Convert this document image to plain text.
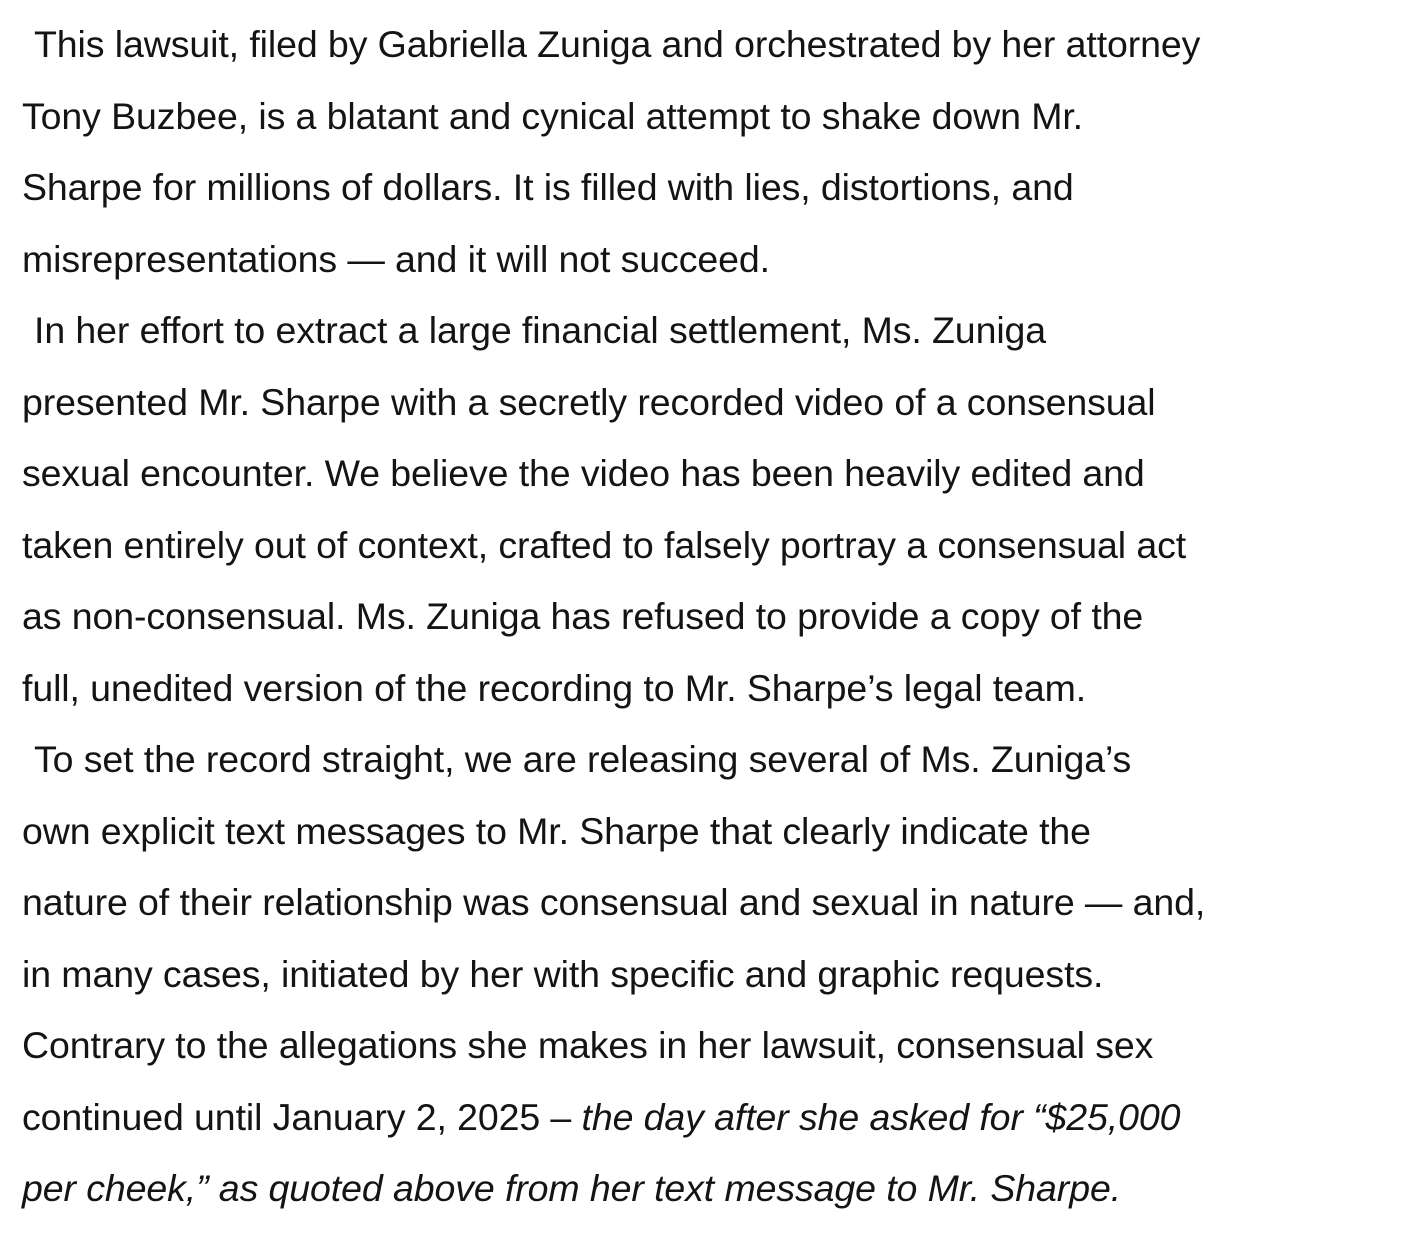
This lawsuit, filed by Gabriella Zuniga and orchestrated by her attorney
Tony Buzbee, is a blatant and cynical attempt to shake down Mr.
Sharpe for millions of dollars. It is filled with lies, distortions, and
misrepresentations — and it will not succeed.
In her effort to extract a large financial settlement, Ms. Zuniga
presented Mr. Sharpe with a secretly recorded video of a consensual
sexual encounter. We believe the video has been heavily edited and
taken entirely out of context, crafted to falsely portray a consensual act
as non-consensual. Ms. Zuniga has refused to provide a copy of the
full, unedited version of the recording to Mr. Sharpe’s legal team.
To set the record straight, we are releasing several of Ms. Zuniga’s
own explicit text messages to Mr. Sharpe that clearly indicate the
nature of their relationship was consensual and sexual in nature — and,
in many cases, initiated by her with specific and graphic requests.
Contrary to the allegations she makes in her lawsuit, consensual sex
continued until January 2, 2025 – the day after she asked for “$25,000
per cheek,” as quoted above from her text message to Mr. Sharpe.
